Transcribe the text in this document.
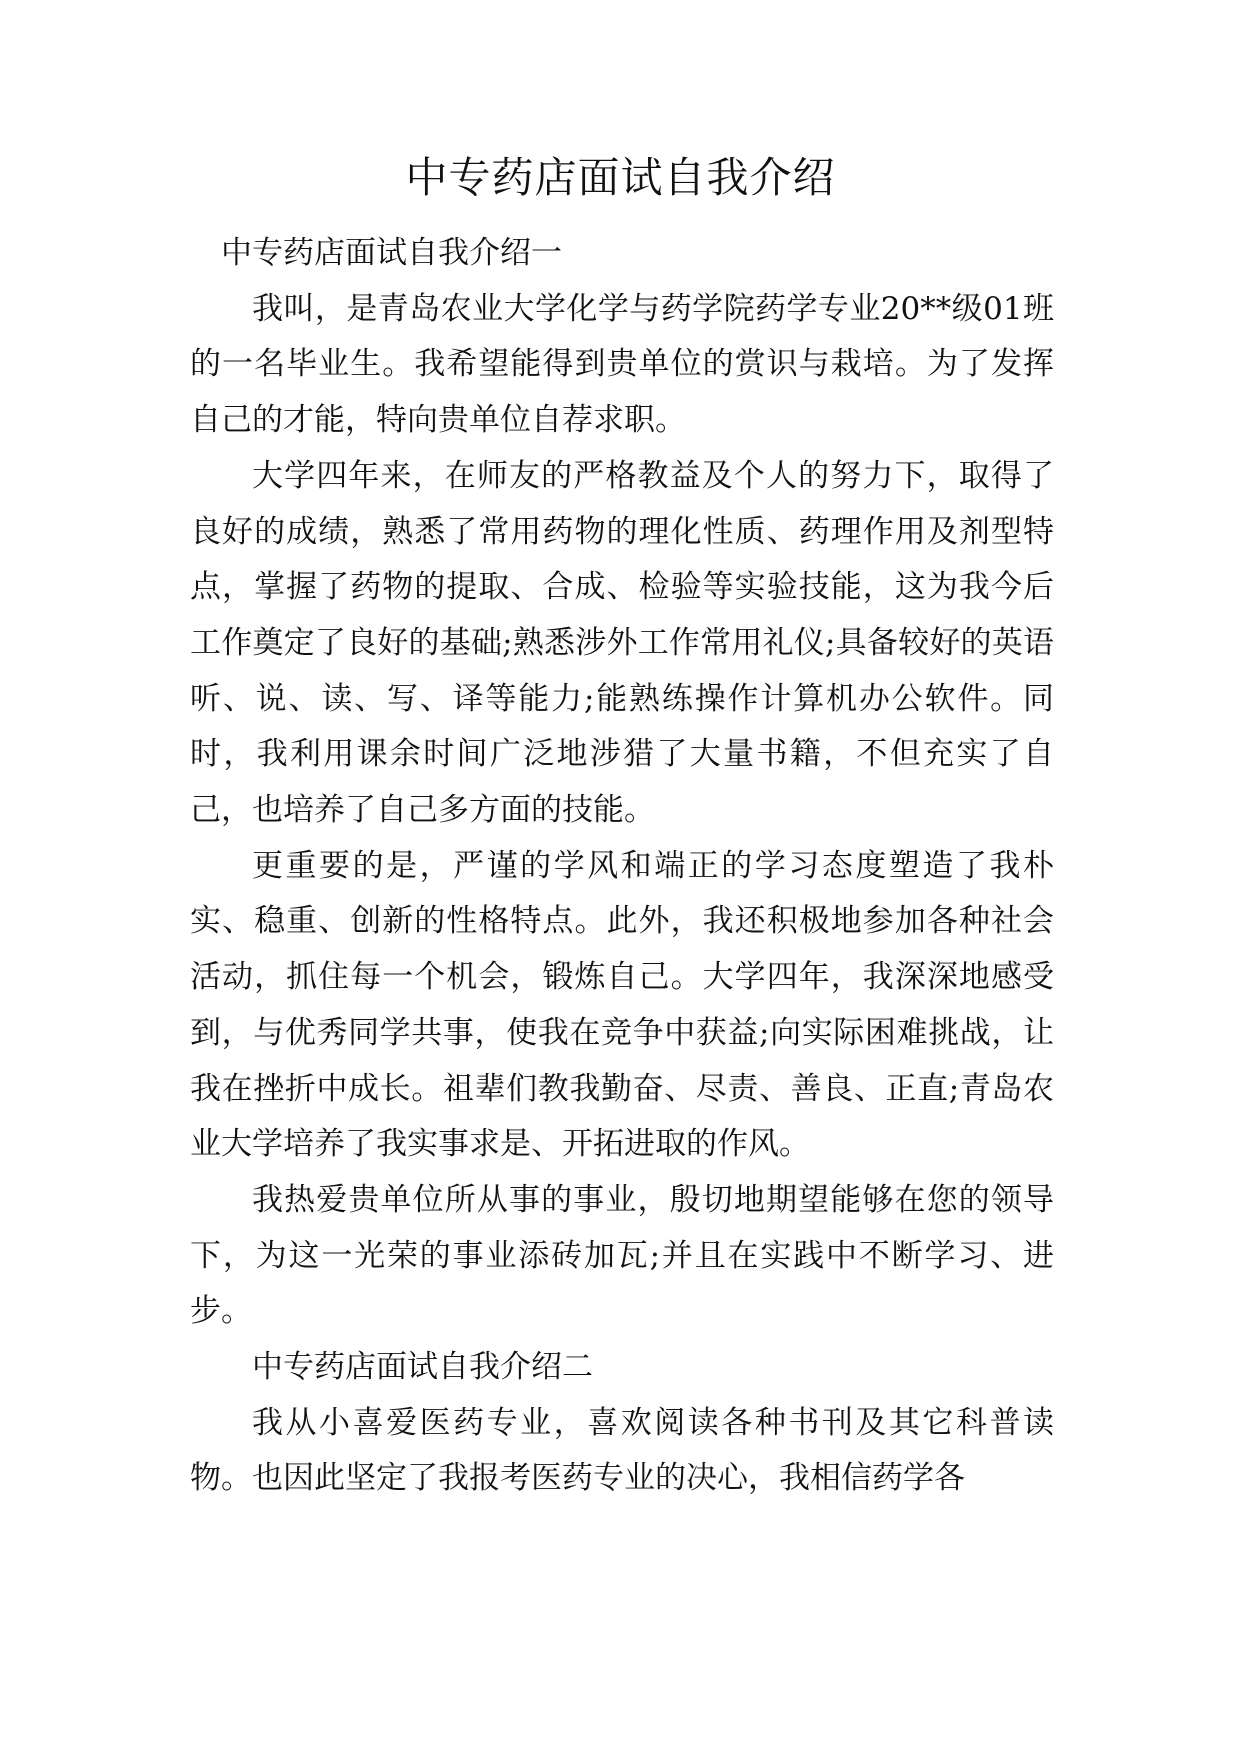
中专药店面试自我介绍

中专药店面试自我介绍一

我叫，是青岛农业大学化学与药学院药学专业20**级01班的一名毕业生。我希望能得到贵单位的赏识与栽培。为了发挥自己的才能，特向贵单位自荐求职。

大学四年来，在师友的严格教益及个人的努力下，取得了良好的成绩，熟悉了常用药物的理化性质、药理作用及剂型特点，掌握了药物的提取、合成、检验等实验技能，这为我今后工作奠定了良好的基础;熟悉涉外工作常用礼仪;具备较好的英语听、说、读、写、译等能力;能熟练操作计算机办公软件。同时，我利用课余时间广泛地涉猎了大量书籍，不但充实了自己，也培养了自己多方面的技能。

更重要的是，严谨的学风和端正的学习态度塑造了我朴实、稳重、创新的性格特点。此外，我还积极地参加各种社会活动，抓住每一个机会，锻炼自己。大学四年，我深深地感受到，与优秀同学共事，使我在竞争中获益;向实际困难挑战，让我在挫折中成长。祖辈们教我勤奋、尽责、善良、正直;青岛农业大学培养了我实事求是、开拓进取的作风。

我热爱贵单位所从事的事业，殷切地期望能够在您的领导下，为这一光荣的事业添砖加瓦;并且在实践中不断学习、进步。

中专药店面试自我介绍二

我从小喜爱医药专业，喜欢阅读各种书刊及其它科普读物。也因此坚定了我报考医药专业的决心，我相信药学各
